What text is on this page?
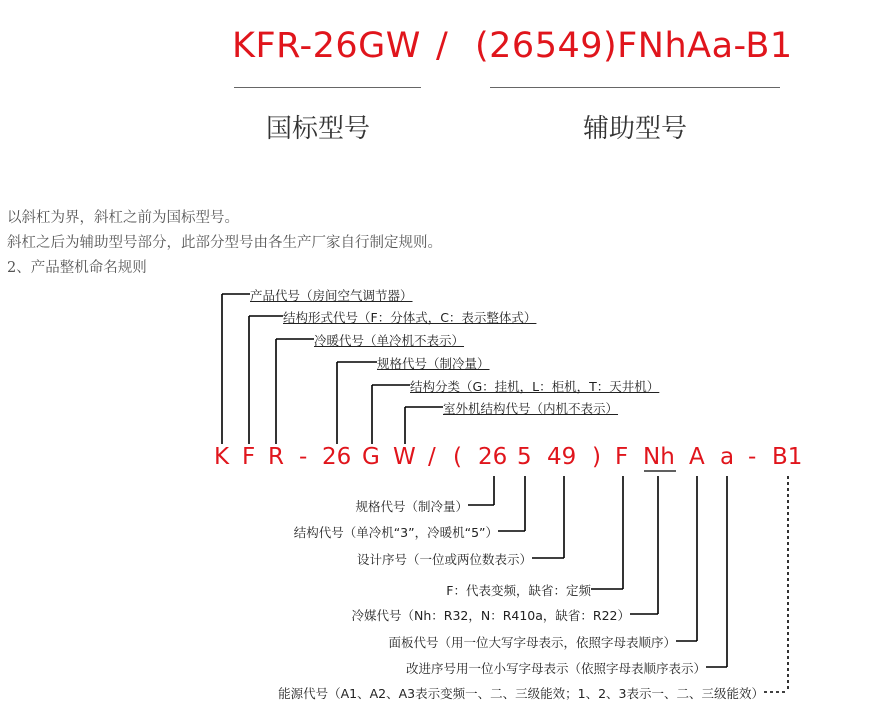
KFR-26GW / (26549)FNhAa-B1
国标型号	辅助型号
以斜杠为界，斜杠之前为国标型号。
斜杠之后为辅助型号部分，此部分型号由各生产厂家自行制定规则。
2、产品整机命名规则
产品代号（房间空气调节器）
结构形式代号（F：分体式，C：表示整体式）
冷暖代号（单冷机不表示）
规格代号（制冷量）
结构分类（G：挂机，L：柜机，T：天井机）
室外机结构代号（内机不表示）
K F R - 26 G W / ( 26 5 49 ) F Nh A a - B1
规格代号（制冷量）
结构代号（单冷机“3”，冷暖机“5”）
设计序号（一位或两位数表示）
F：代表变频，缺省：定频
冷媒代号（Nh：R32，N：R410a，缺省：R22）
面板代号（用一位大写字母表示，依照字母表顺序）
改进序号用一位小写字母表示（依照字母表顺序表示）
能源代号（A1、A2、A3表示变频一、二、三级能效；1、2、3表示一、二、三级能效）
